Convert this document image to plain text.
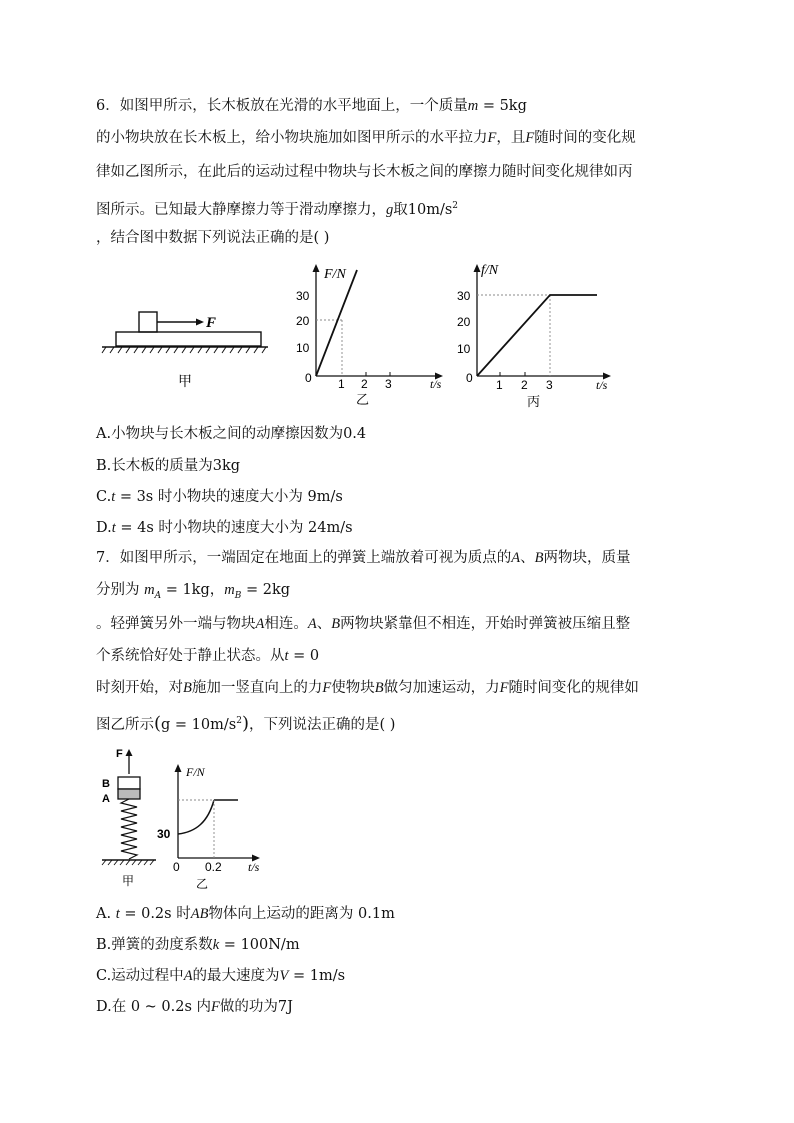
6．如图甲所示，长木板放在光滑的水平地面上，一个质量m = 5kg
的小物块放在长木板上，给小物块施加如图甲所示的水平拉力F，且F随时间的变化规
律如乙图所示，在此后的运动过程中物块与长木板之间的摩擦力随时间变化规律如丙
图所示。已知最大静摩擦力等于滑动摩擦力，g取$10m/s^2$
，结合图中数据下列说法正确的是( )
F
甲
F/N
30
20
10
0 1 2 3	t/s
乙
f/N
30
20
10
0 1 2 3	t/s
丙
A.小物块与长木板之间的动摩擦因数为0.4
B.长木板的质量为3kg
C.t = 3s 时小物块的速度大小为 9m/s
D.t = 4s 时小物块的速度大小为 24m/s
7．如图甲所示，一端固定在地面上的弹簧上端放着可视为质点的A、B两物块，质量
分别为 $m_A = 1kg$，$m_B = 2kg$
。轻弹簧另外一端与物块A相连。A、B两物块紧靠但不相连，开始时弹簧被压缩且整
个系统恰好处于静止状态。从t = 0
时刻开始，对B施加一竖直向上的力F使物块B做匀加速运动，力F随时间变化的规律如
图乙所示$(g = 10m/s^2)$，下列说法正确的是( )
F
B
A
甲
F/N
30
0 0.2 t/s
乙
A. t = 0.2s 时AB物体向上运动的距离为 0.1m
B.弹簧的劲度系数k = 100N/m
C.运动过程中A的最大速度为V = 1m/s
D.在 0 ~ 0.2s 内F做的功为7J
